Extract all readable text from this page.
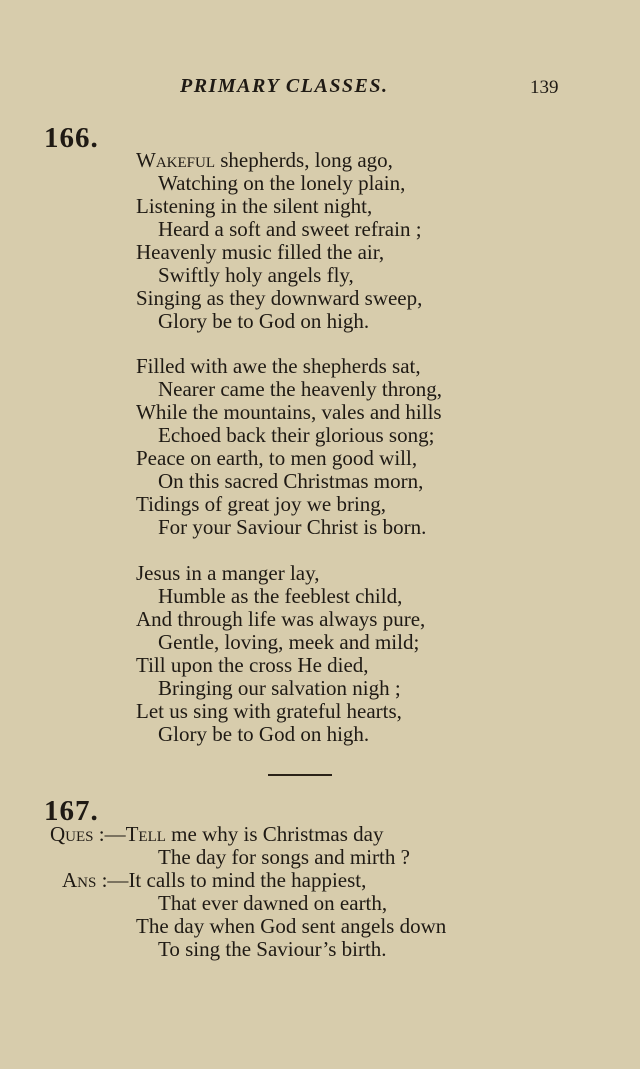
PRIMARY CLASSES.	139
166.
Wakeful shepherds, long ago,
Watching on the lonely plain,
Listening in the silent night,
Heard a soft and sweet refrain ;
Heavenly music filled the air,
Swiftly holy angels fly,
Singing as they downward sweep,
Glory be to God on high.
Filled with awe the shepherds sat,
Nearer came the heavenly throng,
While the mountains, vales and hills
Echoed back their glorious song;
Peace on earth, to men good will,
On this sacred Christmas morn,
Tidings of great joy we bring,
For your Saviour Christ is born.
Jesus in a manger lay,
Humble as the feeblest child,
And through life was always pure,
Gentle, loving, meek and mild;
Till upon the cross He died,
Bringing our salvation nigh ;
Let us sing with grateful hearts,
Glory be to God on high.
167.
Ques :—Tell me why is Christmas day
The day for songs and mirth ?
Ans :—It calls to mind the happiest,
That ever dawned on earth,
The day when God sent angels down
To sing the Saviour’s birth.
